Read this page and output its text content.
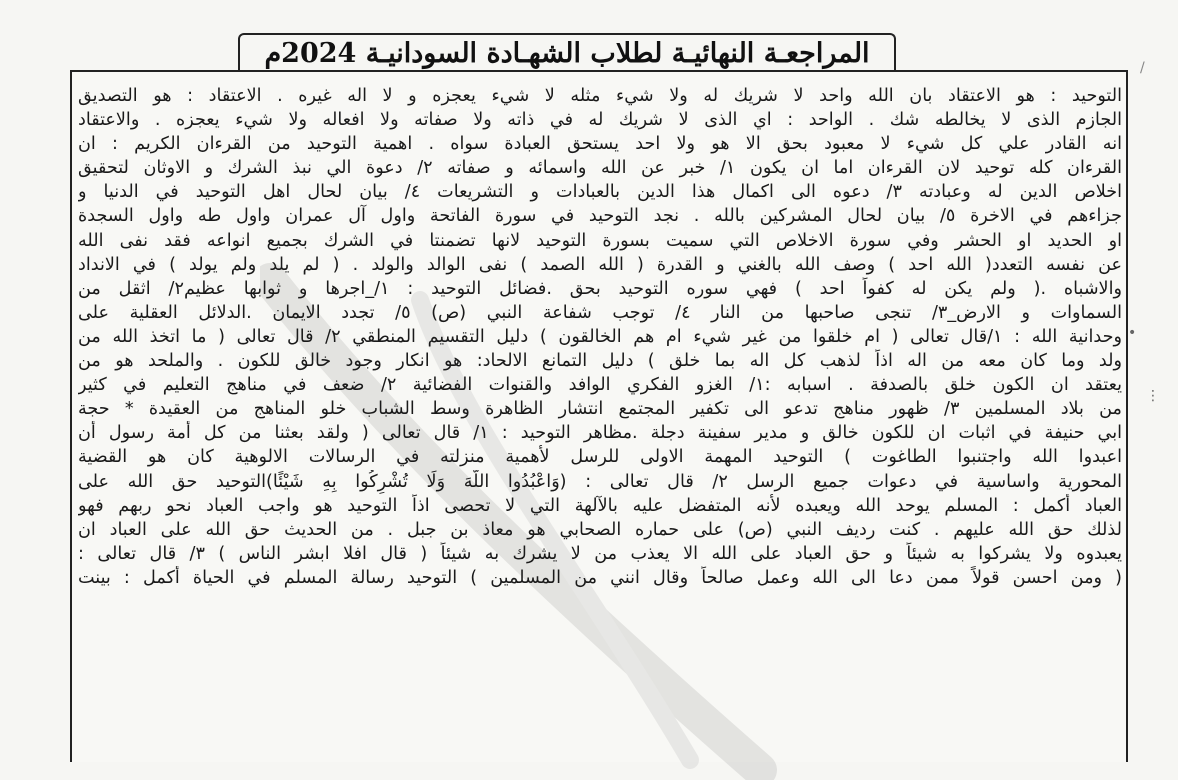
المراجعـة النهائيـة لطلاب الشهـادة السودانيـة 2024م
التوحيد : هو الاعتقاد بان الله واحد لا شريك له ولا شيء مثله لا شيء يعجزه و لا اله غيره . الاعتقاد : هو التصديق
الجازم الذى لا يخالطه شك . الواحد : اي الذى لا شريك له في ذاته ولا صفاته ولا افعاله ولا شيء يعجزه . والاعتقاد
انه القادر علي كل شيء لا معبود بحق الا هو ولا احد يستحق العبادة سواه . اهمية التوحيد من القرءان الكريم : ان
القرءان كله توحيد لان القرءان اما ان يكون ١/ خبر عن الله واسمائه و صفاته ٢/ دعوة الي نبذ الشرك و الاوثان لتحقيق
اخلاص الدين له وعبادته ٣/ دعوه الى اكمال هذا الدين بالعبادات و التشريعات ٤/ بيان لحال اهل التوحيد في الدنيا و
جزاءهم في الاخرة ٥/ بيان لحال المشركين بالله . نجد التوحيد في سورة الفاتحة واول آل عمران واول طه واول السجدة
او الحديد او الحشر وفي سورة الاخلاص التي سميت بسورة التوحيد لانها تضمنتا في الشرك بجميع انواعه فقد نفى الله
عن نفسه التعدد( الله احد ) وصف الله بالغني و القدرة ( الله الصمد ) نفى الوالد والولد . ( لم يلد ولم يولد ) في الانداد
والاشباه .( ولم يكن له كفواً احد ) فهي سوره التوحيد بحق .فضائل التوحيد : ١/_اجرها و ثوابها عظيم٢/ اثقل من
السماوات و الارض_٣/ تنجى صاحبها من النار ٤/ توجب شفاعة النبي (ص) ٥/ تجدد الايمان .الدلائل العقلية على
وحدانية الله : ١/قال تعالى ( ام خلقوا من غير شيء ام هم الخالقون ) دليل التقسيم المنطقي ٢/ قال تعالى ( ما اتخذ الله من
ولد وما كان معه من اله اذاً لذهب كل اله بما خلق ) دليل التمانع الالحاد: هو انكار وجود خالق للكون . والملحد هو من
يعتقد ان الكون خلق بالصدفة . اسبابه :١/ الغزو الفكري الوافد والقنوات الفضائية ٢/ ضعف في مناهج التعليم في كثير
من بلاد المسلمين ٣/ ظهور مناهج تدعو الى تكفير المجتمع انتشار الظاهرة وسط الشباب خلو المناهج من العقيدة * حجة
ابي حنيفة في اثبات ان للكون خالق و مدير سفينة دجلة .مظاهر التوحيد : ١/ قال تعالى ( ولقد بعثنا من كل أمة رسول أن
اعبدوا الله واجتنبوا الطاغوت ) التوحيد المهمة الاولى للرسل لأهمية منزلته في الرسالات الالوهية كان هو القضية
المحورية واساسية في دعوات جميع الرسل ٢/ قال تعالى : (وَاعْبُدُوا اللَّهَ وَلَا تُشْرِكُوا بِهِ شَيْئًا)التوحيد حق الله على
العباد أكمل : المسلم يوحد الله ويعبده لأنه المتفضل عليه بالآلهة التي لا تحصى اذاً التوحيد هو واجب العباد نحو ربهم فهو
لذلك حق الله عليهم . كنت رديف النبي (ص) على حماره الصحابي هو معاذ بن جبل . من الحديث حق الله على العباد ان
يعبدوه ولا يشركوا به شيئاً و حق العباد على الله الا يعذب من لا يشرك به شيئاً ( قال افلا ابشر الناس ) ٣/ قال تعالى :
( ومن احسن قولاً ممن دعا الى الله وعمل صالحاً وقال انني من المسلمين ) التوحيد رسالة المسلم في الحياة أكمل : بينت
•
⋮
/
